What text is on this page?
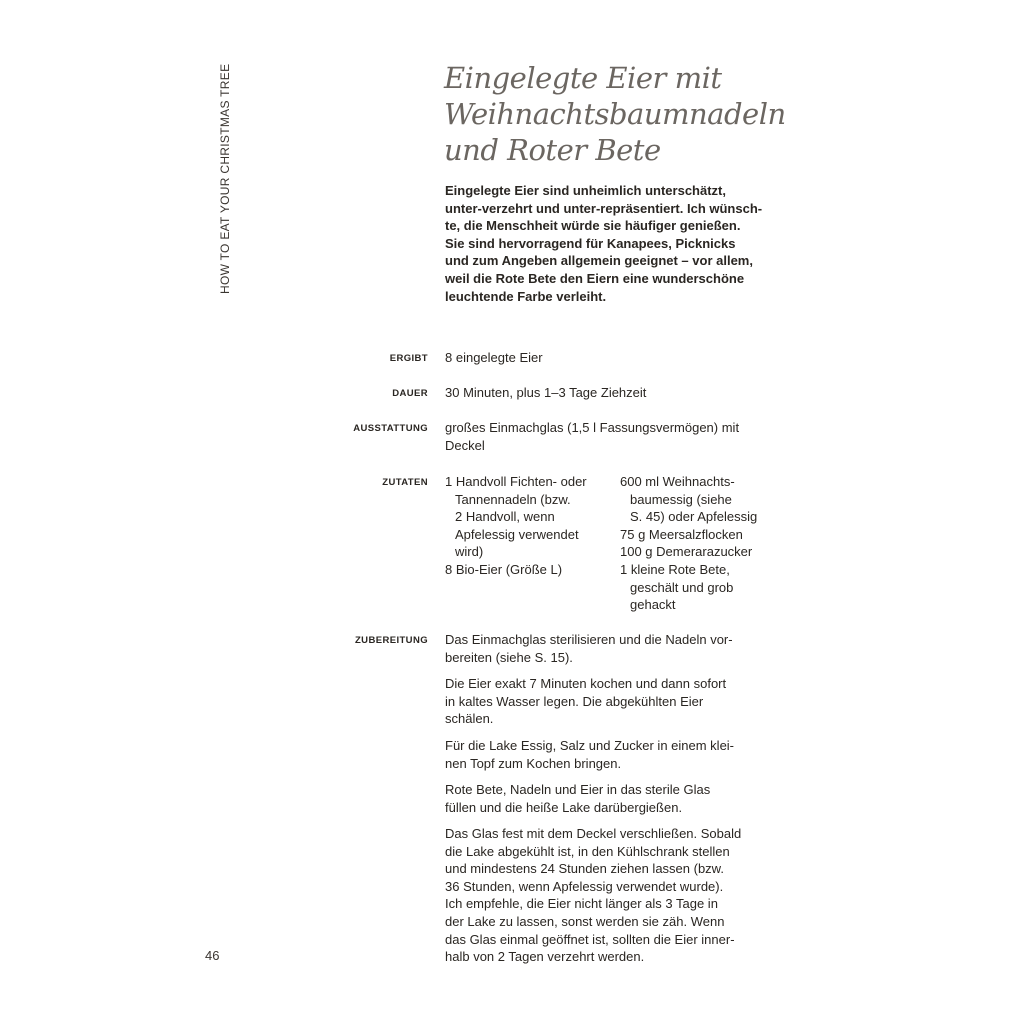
HOW TO EAT YOUR CHRISTMAS TREE	Eingelegte Eier mit
Weihnachtsbaumnadeln
und Roter Bete

Eingelegte Eier sind unheimlich unterschätzt,
unter-verzehrt und unter-repräsentiert. Ich wünsch-
te, die Menschheit würde sie häufiger genießen.
Sie sind hervorragend für Kanapees, Picknicks
und zum Angeben allgemein geeignet – vor allem,
weil die Rote Bete den Eiern eine wunderschöne
leuchtende Farbe verleiht.

ERGIBT 8 eingelegte Eier
DAUER 30 Minuten, plus 1–3 Tage Ziehzeit
AUSSTATTUNG großes Einmachglas (1,5 l Fassungsvermögen) mit
Deckel
ZUTATEN 1 Handvoll Fichten- oder
Tannennadeln (bzw.
2 Handvoll, wenn
Apfelessig verwendet
wird)
8 Bio-Eier (Größe L)
600 ml Weihnachts-
baumessig (siehe
S. 45) oder Apfelessig
75 g Meersalzflocken
100 g Demerarazucker
1 kleine Rote Bete,
geschält und grob
gehackt
ZUBEREITUNG Das Einmachglas sterilisieren und die Nadeln vor-
bereiten (siehe S. 15).

Die Eier exakt 7 Minuten kochen und dann sofort
in kaltes Wasser legen. Die abgekühlten Eier
schälen.

Für die Lake Essig, Salz und Zucker in einem klei-
nen Topf zum Kochen bringen.

Rote Bete, Nadeln und Eier in das sterile Glas
füllen und die heiße Lake darübergießen.

Das Glas fest mit dem Deckel verschließen. Sobald
die Lake abgekühlt ist, in den Kühlschrank stellen
und mindestens 24 Stunden ziehen lassen (bzw.
36 Stunden, wenn Apfelessig verwendet wurde).
Ich empfehle, die Eier nicht länger als 3 Tage in
der Lake zu lassen, sonst werden sie zäh. Wenn
das Glas einmal geöffnet ist, sollten die Eier inner-
halb von 2 Tagen verzehrt werden.

46
